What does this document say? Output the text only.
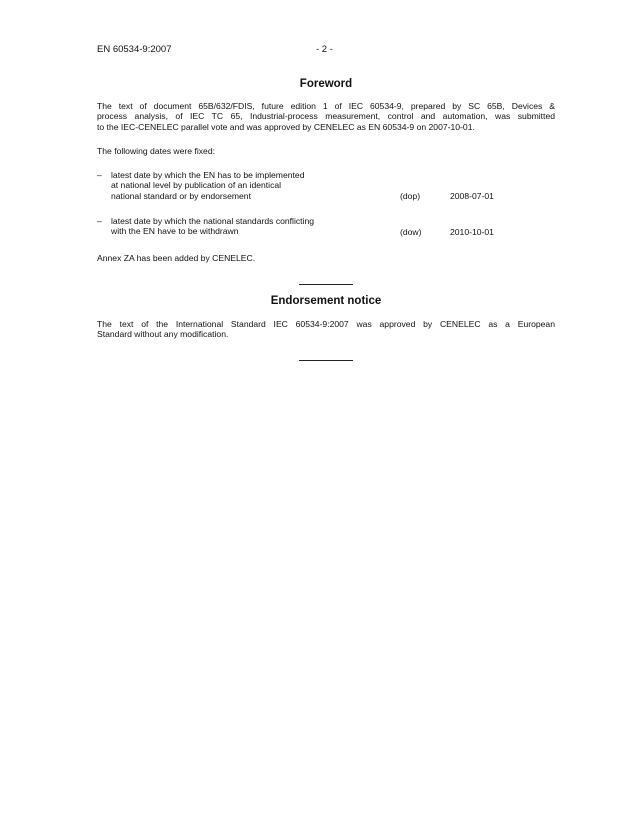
EN 60534-9:2007	- 2 -
Foreword
The text of document 65B/632/FDIS, future edition 1 of IEC 60534-9, prepared by SC 65B, Devices &
process analysis, of IEC TC 65, Industrial-process measurement, control and automation, was submitted
to the IEC-CENELEC parallel vote and was approved by CENELEC as EN 60534-9 on 2007-10-01.
The following dates were fixed:
– latest date by which the EN has to be implemented
at national level by publication of an identical
national standard or by endorsement	(dop)	2008-07-01
– latest date by which the national standards conflicting
with the EN have to be withdrawn	(dow)	2010-10-01
Annex ZA has been added by CENELEC.
Endorsement notice
The text of the International Standard IEC 60534-9:2007 was approved by CENELEC as a European
Standard without any modification.
